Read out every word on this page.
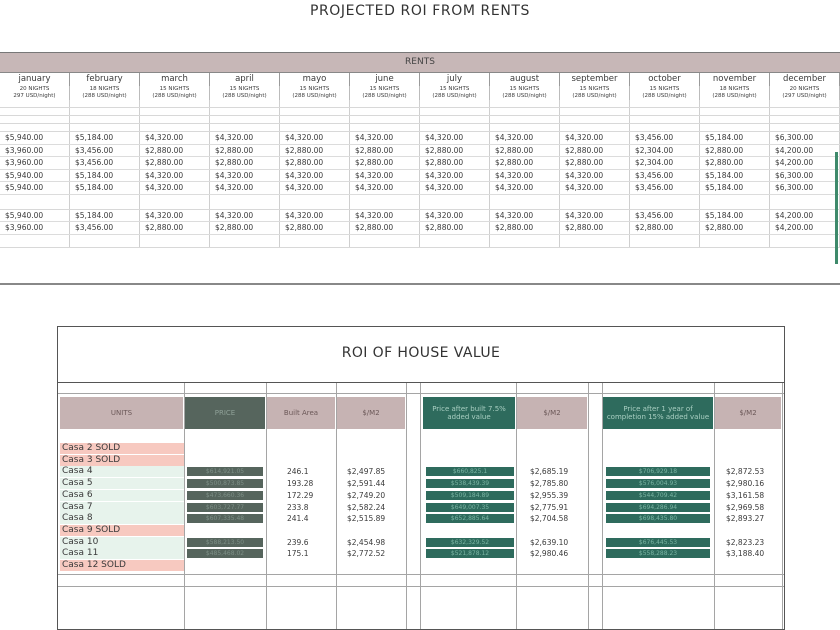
PROJECTED ROI FROM RENTS
RENTS
january	february	march	april	mayo	june	july	august	september	october	november	december
20 NIGHTS	18 NIGHTS	15 NIGHTS	15 NIGHTS	15 NIGHTS	15 NIGHTS	15 NIGHTS	15 NIGHTS	15 NIGHTS	15 NIGHTS	18 NIGHTS	20 NIGHTS
297 USD/night)	(288 USD/night)	(288 USD/night)	(288 USD/night)	(288 USD/night)	(288 USD/night)	(288 USD/night)	(288 USD/night)	(288 USD/night)	(288 USD/night)	(288 USD/night)	(297 USD/night)
$5,940.00	$5,184.00	$4,320.00	$4,320.00	$4,320.00	$4,320.00	$4,320.00	$4,320.00	$4,320.00	$3,456.00	$5,184.00	$6,300.00
$3,960.00	$3,456.00	$2,880.00	$2,880.00	$2,880.00	$2,880.00	$2,880.00	$2,880.00	$2,880.00	$2,304.00	$2,880.00	$4,200.00
$3,960.00	$3,456.00	$2,880.00	$2,880.00	$2,880.00	$2,880.00	$2,880.00	$2,880.00	$2,880.00	$2,304.00	$2,880.00	$4,200.00
$5,940.00	$5,184.00	$4,320.00	$4,320.00	$4,320.00	$4,320.00	$4,320.00	$4,320.00	$4,320.00	$3,456.00	$5,184.00	$6,300.00
$5,940.00	$5,184.00	$4,320.00	$4,320.00	$4,320.00	$4,320.00	$4,320.00	$4,320.00	$4,320.00	$3,456.00	$5,184.00	$6,300.00
$5,940.00	$5,184.00	$4,320.00	$4,320.00	$4,320.00	$4,320.00	$4,320.00	$4,320.00	$4,320.00	$3,456.00	$5,184.00	$4,200.00
$3,960.00	$3,456.00	$2,880.00	$2,880.00	$2,880.00	$2,880.00	$2,880.00	$2,880.00	$2,880.00	$2,880.00	$2,880.00	$4,200.00
ROI OF HOUSE VALUE
UNITS	PRICE	Built Area	$/M2	Price after built 7.5% added value	$/M2	Price after 1 year of completion 15% added value	$/M2
Casa 2 SOLD
Casa 3 SOLD
Casa 4	$614,921.05	246.1	$2,497.85	$660,825.1	$2,685.19	$706,929.18	$2,872.53
Casa 5	$500,873.85	193.28	$2,591.44	$538,439.39	$2,785.80	$576,004.93	$2,980.16
Casa 6	$473,660.36	172.29	$2,749.20	$509,184.89	$2,955.39	$544,709.42	$3,161.58
Casa 7	$603,727.77	233.8	$2,582.24	$649,007.35	$2,775.91	$694,286.94	$2,969.58
Casa 8	$607,335.48	241.4	$2,515.89	$652,885.64	$2,704.58	$698,435.80	$2,893.27
Casa 9 SOLD
Casa 10	$588,213.50	239.6	$2,454.98	$632,329.52	$2,639.10	$676,445.53	$2,823.23
Casa 11	$485,468.02	175.1	$2,772.52	$521,878.12	$2,980.46	$558,288.23	$3,188.40
Casa 12 SOLD
